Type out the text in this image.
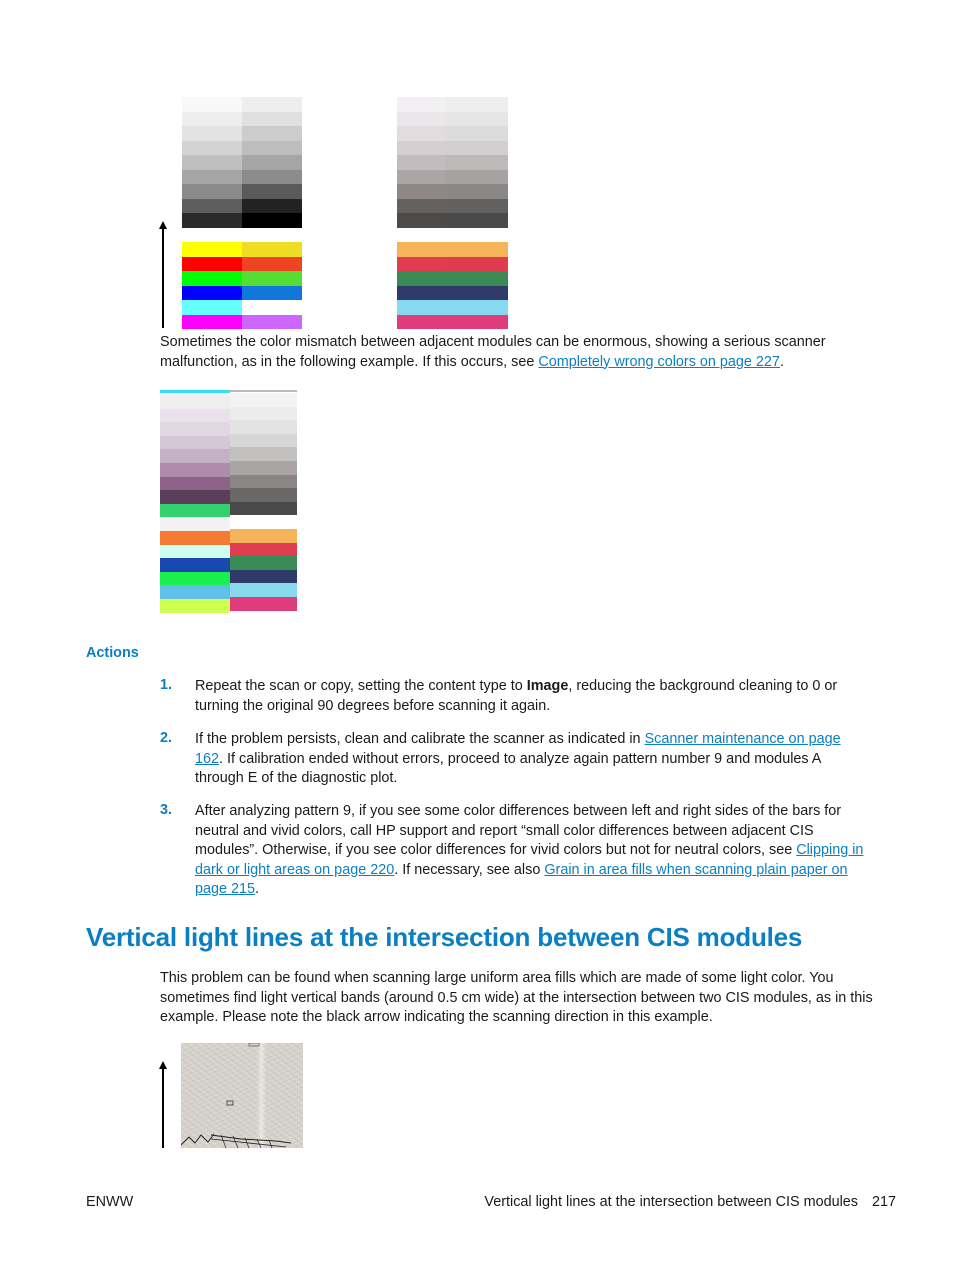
Sometimes the color mismatch between adjacent modules can be enormous, showing a serious scanner malfunction, as in the following example. If this occurs, see Completely wrong colors on page 227.
Actions
1. Repeat the scan or copy, setting the content type to Image, reducing the background cleaning to 0 or turning the original 90 degrees before scanning it again.
2. If the problem persists, clean and calibrate the scanner as indicated in Scanner maintenance on page 162. If calibration ended without errors, proceed to analyze again pattern number 9 and modules A through E of the diagnostic plot.
3. After analyzing pattern 9, if you see some color differences between left and right sides of the bars for neutral and vivid colors, call HP support and report “small color differences between adjacent CIS modules”. Otherwise, if you see color differences for vivid colors but not for neutral colors, see Clipping in dark or light areas on page 220. If necessary, see also Grain in area fills when scanning plain paper on page 215.
Vertical light lines at the intersection between CIS modules
This problem can be found when scanning large uniform area fills which are made of some light color. You sometimes find light vertical bands (around 0.5 cm wide) at the intersection between two CIS modules, as in this example. Please note the black arrow indicating the scanning direction in this example.
ENWW	Vertical light lines at the intersection between CIS modules 217
